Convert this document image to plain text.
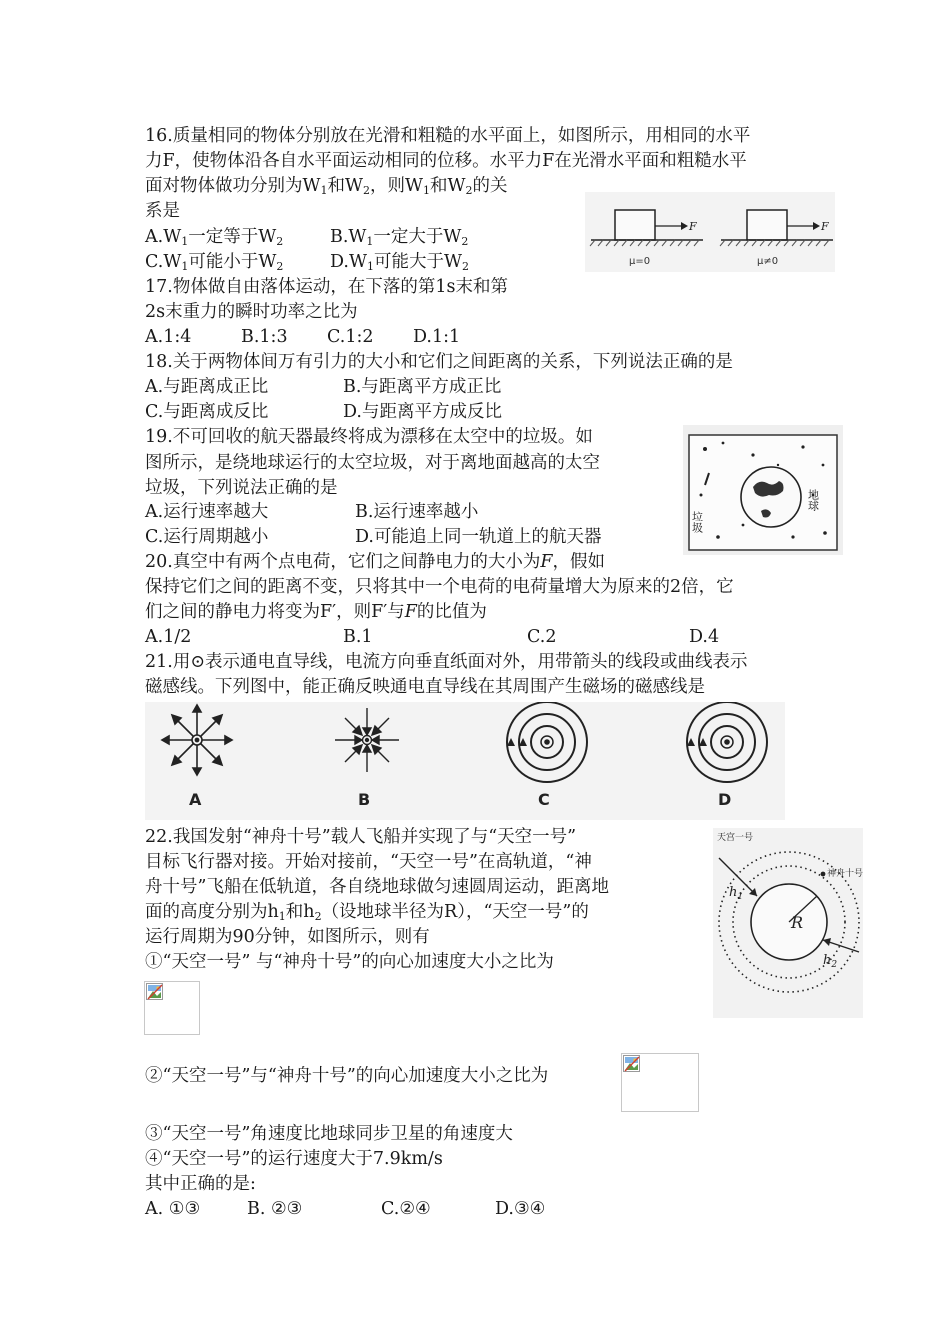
16.质量相同的物体分别放在光滑和粗糙的水平面上，如图所示，用相同的水平
力F，使物体沿各自水平面运动相同的位移。水平力F在光滑水平面和粗糙水平
面对物体做功分别为$W_1$和$W_2$，则$W_1$和$W_2$的关
系是
$A.W_1$一定等于$W_2$	$B.W_1$一定大于$W_2$
$C.W_1$可能小于$W_2$	$D.W_1$可能大于$W_2$
F
μ=0
F
μ≠0
17.物体做自由落体运动，在下落的第1s末和第
2s末重力的瞬时功率之比为
A.1:4	B.1:3 C.1:2 D.1:1
18.关于两物体间万有引力的大小和它们之间距离的关系，下列说法正确的是
A.与距离成正比	B.与距离平方成正比
C.与距离成反比	D.与距离平方成反比
19.不可回收的航天器最终将成为漂移在太空中的垃圾。如
图所示，是绕地球运行的太空垃圾，对于离地面越高的太空
垃圾，下列说法正确的是
A.运行速率越大	B.运行速率越小
C.运行周期越小	D.可能追上同一轨道上的航天器
垃圾
地球
20.真空中有两个点电荷，它们之间静电力的大小为F，假如
保持它们之间的距离不变，只将其中一个电荷的电荷量增大为原来的2倍，它
们之间的静电力将变为F′，则F′与F的比值为
A.1/2	B.1	C.2	D.4
21.用⊙表示通电直导线，电流方向垂直纸面对外，用带箭头的线段或曲线表示
磁感线。下列图中，能正确反映通电直导线在其周围产生磁场的磁感线是
A	B	C	D
22.我国发射“神舟十号”载人飞船并实现了与“天空一号”
目标飞行器对接。开始对接前，“天空一号”在高轨道，“神
舟十号”飞船在低轨道，各自绕地球做匀速圆周运动，距离地
面的高度分别为$h_1$和$h_2$（设地球半径为R），“天空一号”的
运行周期为90分钟，如图所示，则有
①“天空一号” 与“神舟十号”的向心加速度大小之比为
②“天空一号”与“神舟十号”的向心加速度大小之比为
③“天空一号”角速度比地球同步卫星的角速度大
④“天空一号”的运行速度大于7.9km/s
其中正确的是:
A. ①③	B. ②③	C.②④	D.③④
R
$h_1$
$h_2$
天宫一号
神舟十号
